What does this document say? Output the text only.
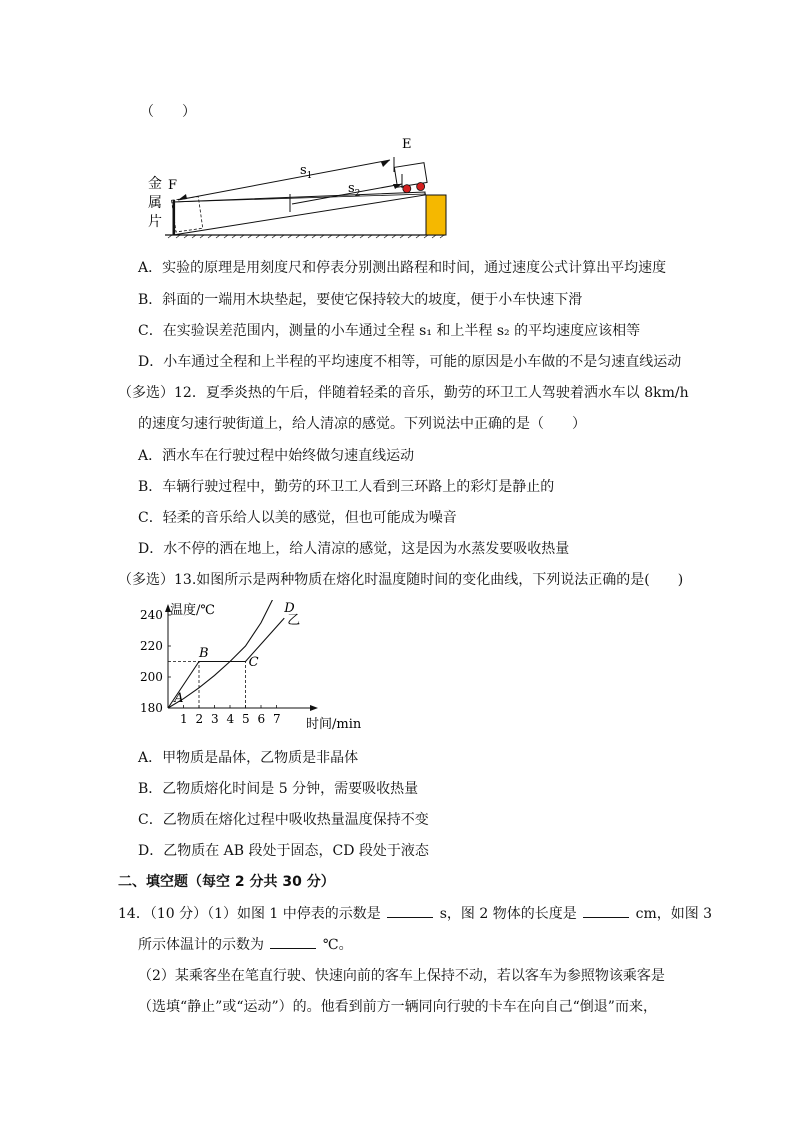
（　　）
E
F
金
属
片
$s_1$
$s_2$
A．实验的原理是用刻度尺和停表分别测出路程和时间，通过速度公式计算出平均速度
B．斜面的一端用木块垫起，要使它保持较大的坡度，便于小车快速下滑
C．在实验误差范围内，测量的小车通过全程 s₁ 和上半程 s₂ 的平均速度应该相等
D．小车通过全程和上半程的平均速度不相等，可能的原因是小车做的不是匀速直线运动
（多选）12．夏季炎热的午后，伴随着轻柔的音乐，勤劳的环卫工人驾驶着洒水车以 8km/h
的速度匀速行驶街道上，给人清凉的感觉。下列说法中正确的是（　　）
A．洒水车在行驶过程中始终做匀速直线运动
B．车辆行驶过程中，勤劳的环卫工人看到三环路上的彩灯是静止的
C．轻柔的音乐给人以美的感觉，但也可能成为噪音
D．水不停的洒在地上，给人清凉的感觉，这是因为水蒸发要吸收热量
（多选）13.如图所示是两种物质在熔化时温度随时间的变化曲线，下列说法正确的是(　　)
乙
1 2 3 4 5 6 7
180
200
220
240 温度/℃
时间/min
A
B
C
D
A．甲物质是晶体，乙物质是非晶体
B．乙物质熔化时间是 5 分钟，需要吸收热量
C．乙物质在熔化过程中吸收热量温度保持不变
D．乙物质在 AB 段处于固态，CD 段处于液态
二、填空题（每空 2 分共 30 分）
14．（10 分）（1）如图 1 中停表的示数是	s，图 2 物体的长度是	cm，如图 3
所示体温计的示数为	℃。
（2）某乘客坐在笔直行驶、快速向前的客车上保持不动，若以客车为参照物该乘客是
（选填“静止”或“运动”）的。他看到前方一辆同向行驶的卡车在向自己“倒退”而来，
